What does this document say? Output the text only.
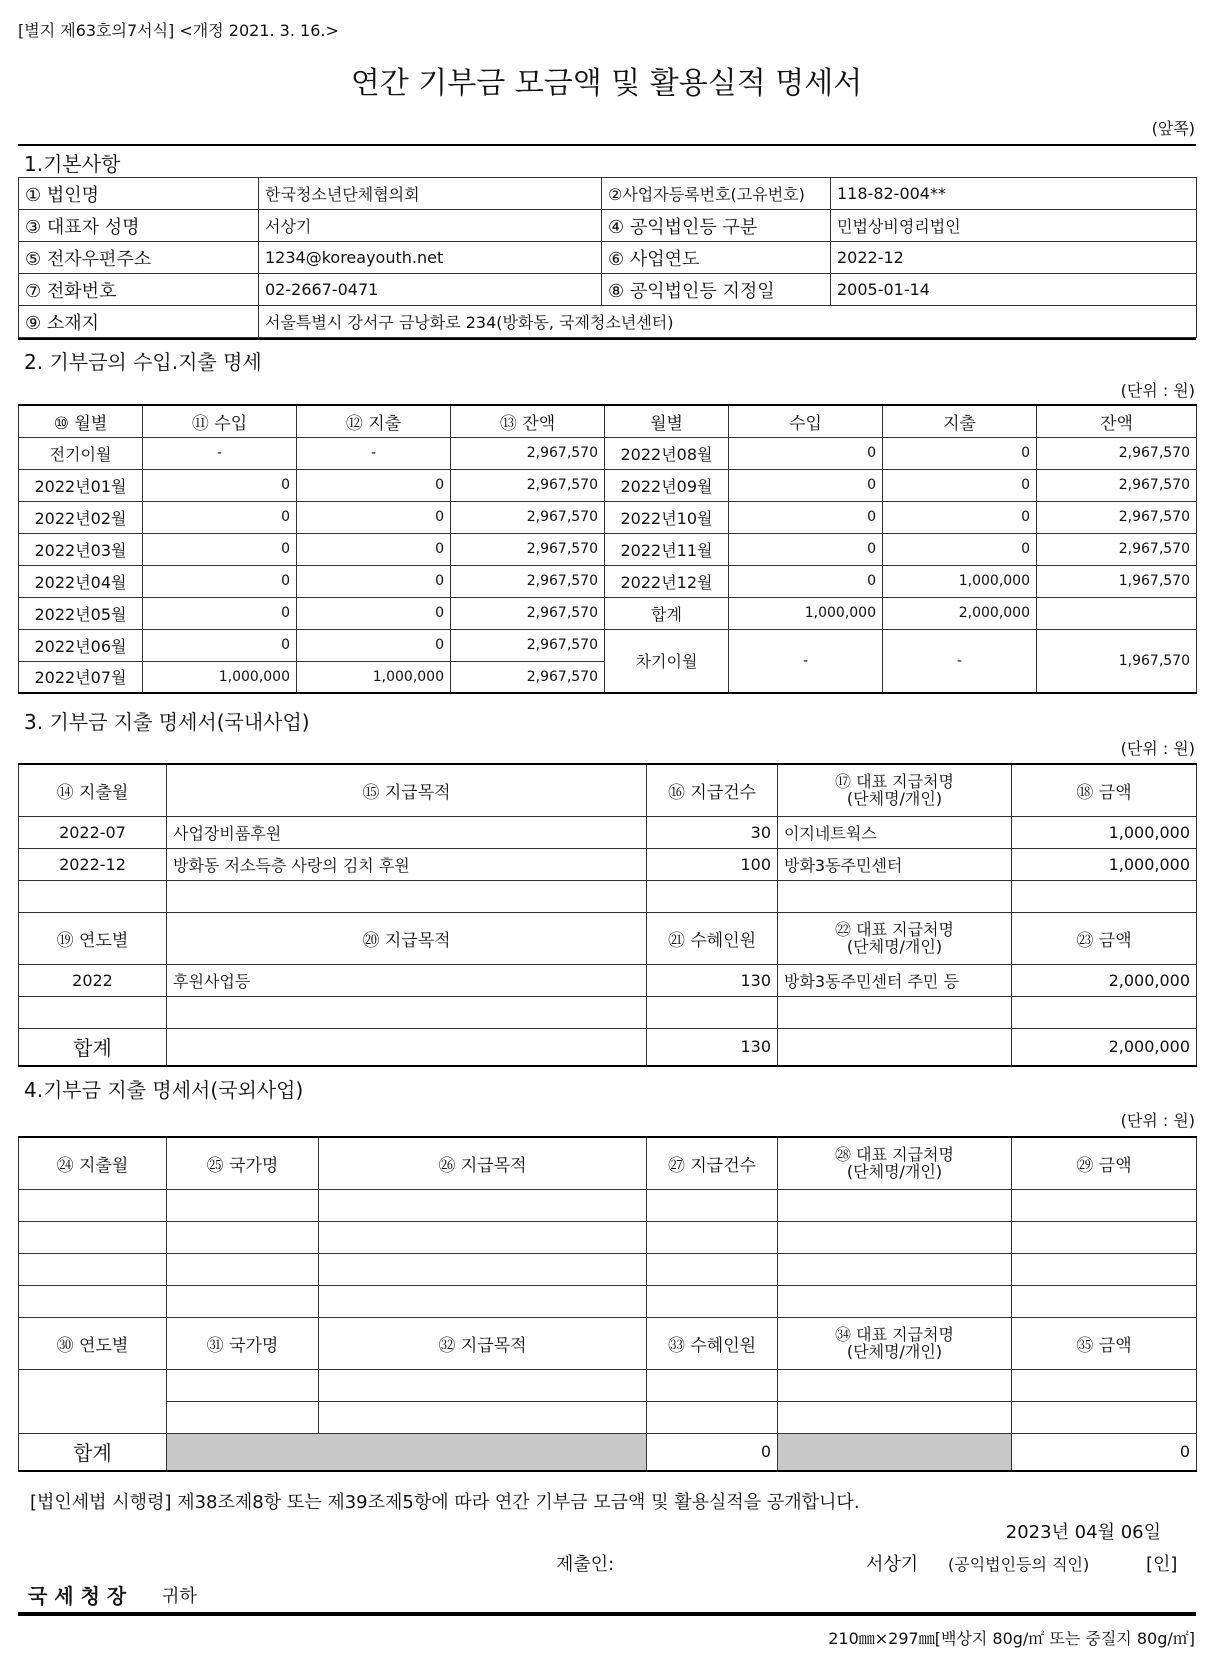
[별지 제63호의7서식] <개정 2021. 3. 16.>
연간 기부금 모금액 및 활용실적 명세서
(앞쪽)
1.기본사항
① 법인명	한국청소년단체협의회	②사업자등록번호(고유번호)	118-82-004**
③ 대표자 성명	서상기	④ 공익법인등 구분	민법상비영리법인
⑤ 전자우편주소	1234@koreayouth.net	⑥ 사업연도	2022-12
⑦ 전화번호	02-2667-0471	⑧ 공익법인등 지정일	2005-01-14
⑨ 소재지	서울특별시 강서구 금낭화로 234(방화동, 국제청소년센터)		
2. 기부금의 수입.지출 명세
(단위 : 원)
⑩ 월별	⑪ 수입	⑫ 지출	⑬ 잔액	월별	수입	지출	잔액
전기이월	-	-	2,967,570	2022년08월	0	0	2,967,570
2022년01월	0	0	2,967,570	2022년09월	0	0	2,967,570
2022년02월	0	0	2,967,570	2022년10월	0	0	2,967,570
2022년03월	0	0	2,967,570	2022년11월	0	0	2,967,570
2022년04월	0	0	2,967,570	2022년12월	0	1,000,000	1,967,570
2022년05월	0	0	2,967,570	합계	1,000,000	2,000,000	
2022년06월	0	0	2,967,570	차기이월	-	-	1,967,570
2022년07월	1,000,000	1,000,000	2,967,570				
3. 기부금 지출 명세서(국내사업)
(단위 : 원)
⑭ 지출월	⑮ 지급목적	⑯ 지급건수	⑰ 대표 지급처명
(단체명/개인)	⑱ 금액
2022-07	사업장비품후원	30	이지네트웍스	1,000,000
2022-12	방화동 저소득층 사랑의 김치 후원	100	방화3동주민센터	1,000,000

⑲ 연도별	⑳ 지급목적	㉑ 수혜인원	㉒ 대표 지급처명
(단체명/개인)	㉓ 금액
2022	후원사업등	130	방화3동주민센터 주민 등	2,000,000

합계		130		2,000,000
4.기부금 지출 명세서(국외사업)
(단위 : 원)
㉔ 지출월	㉕ 국가명	㉖ 지급목적	㉗ 지급건수	㉘ 대표 지급처명
(단체명/개인)	㉙ 금액

㉚ 연도별	㉛ 국가명	㉜ 지급목적	㉝ 수혜인원	㉞ 대표 지급처명
(단체명/개인)	㉟ 금액

합계			0		0
[법인세법 시행령] 제38조제8항 또는 제39조제5항에 따라 연간 기부금 모금액 및 활용실적을 공개합니다.
2023년 04월 06일
제출인:	서상기 (공익법인등의 직인)	[인]
국 세 청 장 귀하
210㎜×297㎜[백상지 80g/㎡ 또는 중질지 80g/㎡]
